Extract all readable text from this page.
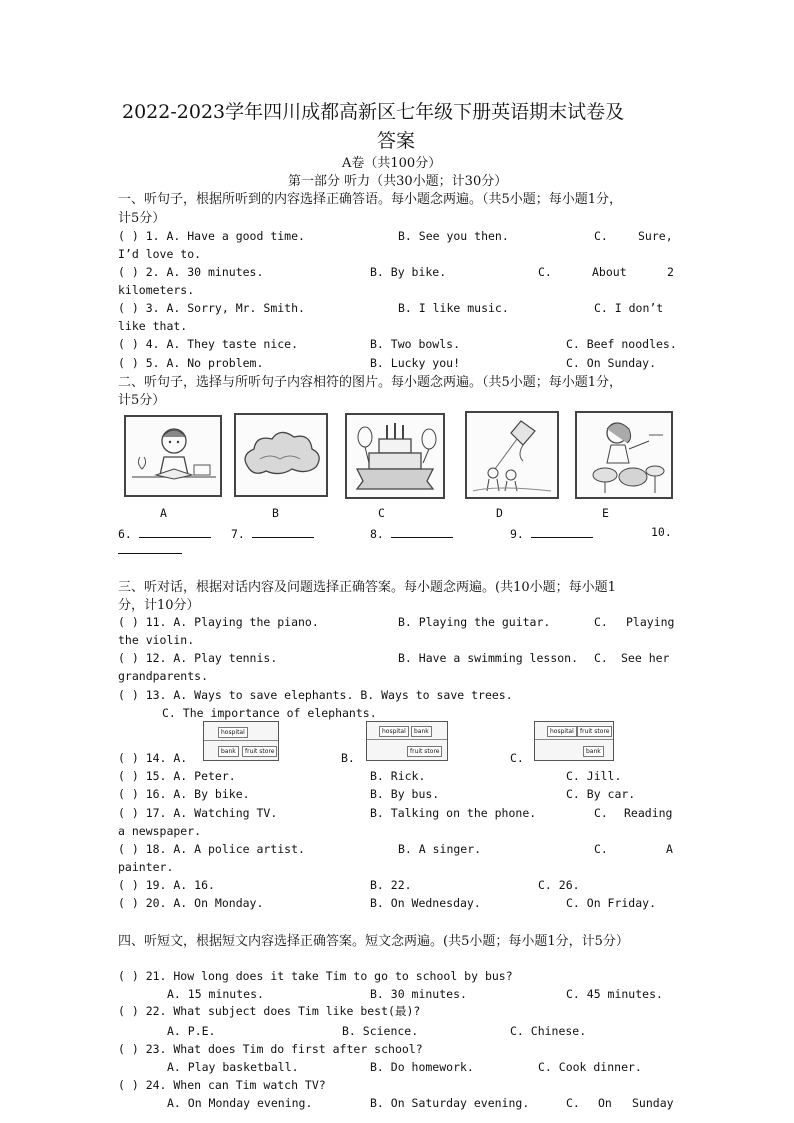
2022-2023学年四川成都高新区七年级下册英语期末试卷及
答案
A卷（共100分）
第一部分 听力（共30小题；计30分）
一、听句子，根据所听到的内容选择正确答语。每小题念两遍。（共5小题；每小题1分，
计5分）
( ) 1. A. Have a good time.	B. See you then.	C.	Sure,
I’d love to.
( ) 2. A. 30 minutes.	B. By bike.	C.	About	2
kilometers.
( ) 3. A. Sorry, Mr. Smith.	B. I like music.	C. I don’t
like that.
( ) 4. A. They taste nice.	B. Two bowls.	C. Beef noodles.
( ) 5. A. No problem.	B. Lucky you!	C. On Sunday.
二、听句子，选择与所听句子内容相符的图片。每小题念两遍。（共5小题；每小题1分，
计5分）
A	B	C	D	E
6.	7.	8.	9.	10.
三、听对话，根据对话内容及问题选择正确答案。每小题念两遍。(共10小题；每小题1
分，计10分）
( ) 11. A. Playing the piano.	B. Playing the guitar.	C. Playing
the violin.
( ) 12. A. Play tennis.	B. Have a swimming lesson. C. See her
grandparents.
( ) 13. A. Ways to save elephants. B. Ways to save trees.
C. The importance of elephants.
hospital
bank	fruit store
hospital	bank
fruit store
hospital	fruit store
bank
( ) 14. A.	B.	C.
( ) 15. A. Peter.	B. Rick.	C. Jill.
( ) 16. A. By bike.	B. By bus.	C. By car.
( ) 17. A. Watching TV.	B. Talking on the phone.	C. Reading
a newspaper.
( ) 18. A. A police artist.	B. A singer.	C.	A
painter.
( ) 19. A. 16.	B. 22.	C. 26.
( ) 20. A. On Monday.	B. On Wednesday.	C. On Friday.
四、听短文，根据短文内容选择正确答案。短文念两遍。(共5小题；每小题1分，计5分）
( ) 21. How long does it take Tim to go to school by bus?
A. 15 minutes.	B. 30 minutes.	C. 45 minutes.
( ) 22. What subject does Tim like best(最)?
A. P.E.	B. Science.	C. Chinese.
( ) 23. What does Tim do first after school?
A. Play basketball.	B. Do homework.	C. Cook dinner.
( ) 24. When can Tim watch TV?
A. On Monday evening.	B. On Saturday evening.	C. On Sunday
